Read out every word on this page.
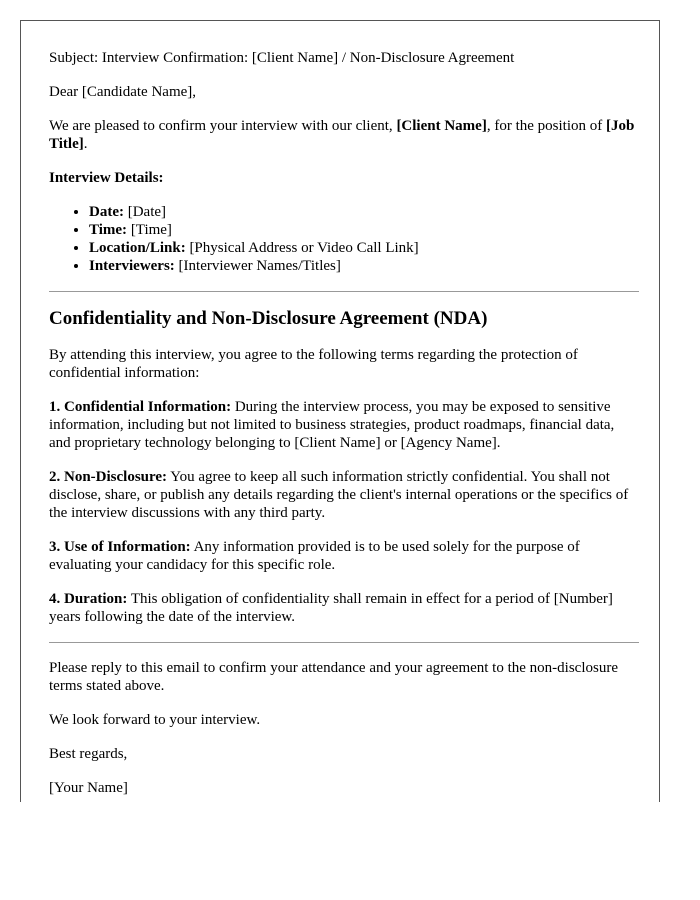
Subject: Interview Confirmation: [Client Name] / Non-Disclosure Agreement

Dear [Candidate Name],

We are pleased to confirm your interview with our client, [Client Name], for the position of [Job Title].

Interview Details:

• Date: [Date]
• Time: [Time]
• Location/Link: [Physical Address or Video Call Link]
• Interviewers: [Interviewer Names/Titles]
Confidentiality and Non-Disclosure Agreement (NDA)

By attending this interview, you agree to the following terms regarding the protection of confidential information:

1. Confidential Information: During the interview process, you may be exposed to sensitive information, including but not limited to business strategies, product roadmaps, financial data, and proprietary technology belonging to [Client Name] or [Agency Name].

2. Non-Disclosure: You agree to keep all such information strictly confidential. You shall not disclose, share, or publish any details regarding the client's internal operations or the specifics of the interview discussions with any third party.

3. Use of Information: Any information provided is to be used solely for the purpose of evaluating your candidacy for this specific role.

4. Duration: This obligation of confidentiality shall remain in effect for a period of [Number] years following the date of the interview.

Please reply to this email to confirm your attendance and your agreement to the non-disclosure terms stated above.

We look forward to your interview.

Best regards,

[Your Name]
